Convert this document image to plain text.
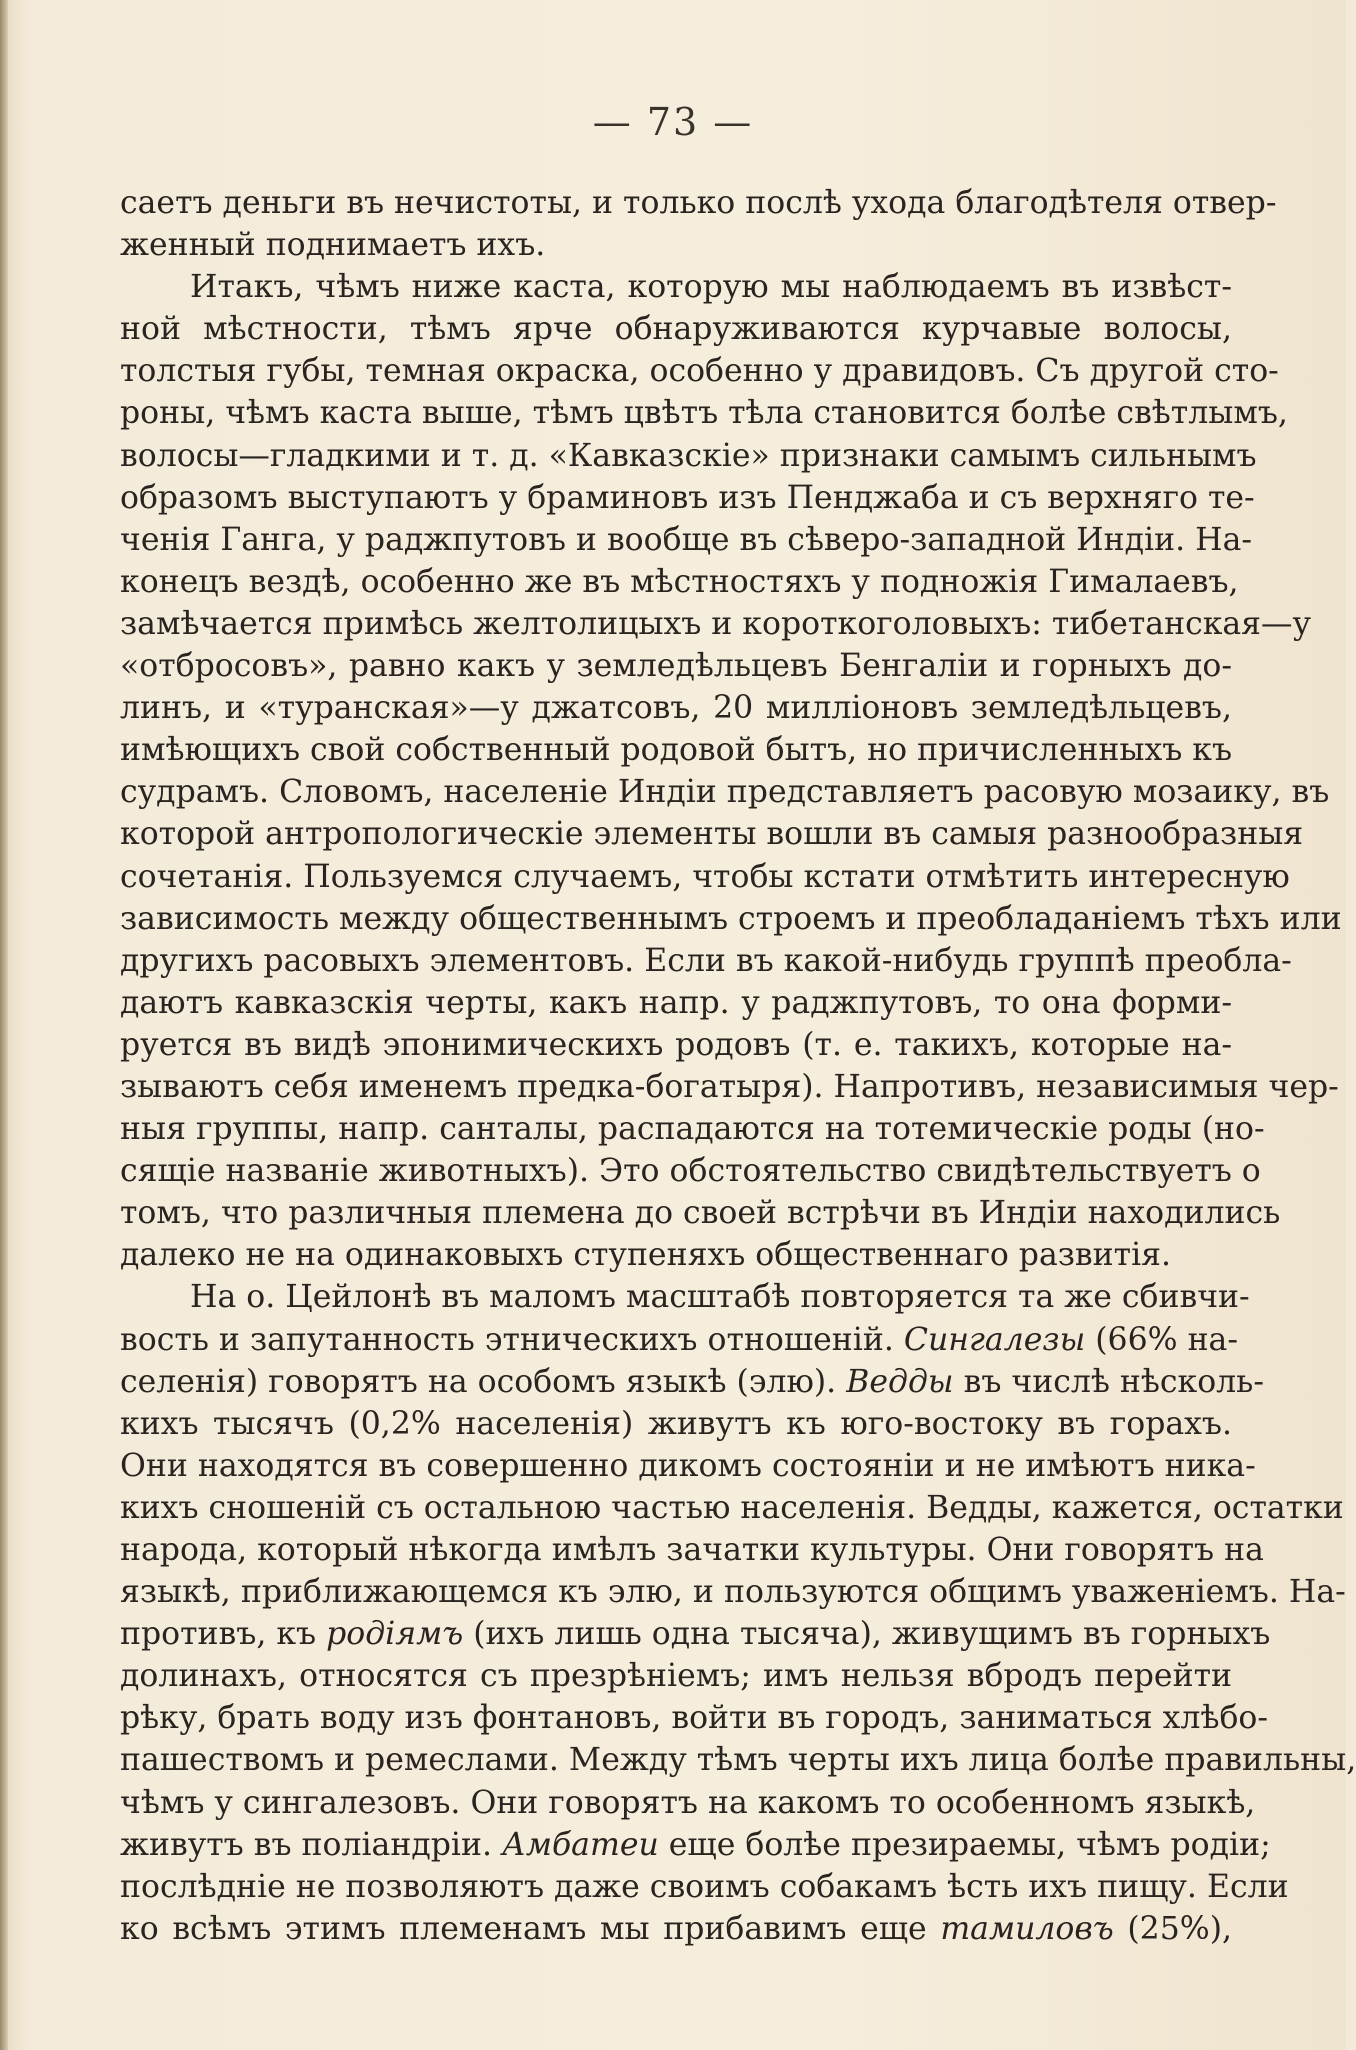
— 73 —
саетъ деньги въ нечистоты, и только послѣ ухода благодѣтеля отвер-
женный поднимаетъ ихъ.
Итакъ, чѣмъ ниже каста, которую мы наблюдаемъ въ извѣст-
ной мѣстности, тѣмъ ярче обнаруживаются курчавые волосы,
толстыя губы, темная окраска, особенно у дравидовъ. Съ другой сто-
роны, чѣмъ каста выше, тѣмъ цвѣтъ тѣла становится болѣе свѣтлымъ,
волосы—гладкими и т. д. «Кавказскіе» признаки самымъ сильнымъ
образомъ выступаютъ у браминовъ изъ Пенджаба и съ верхняго те-
ченія Ганга, у раджпутовъ и вообще въ сѣверо-западной Индіи. На-
конецъ вездѣ, особенно же въ мѣстностяхъ у подножія Гималаевъ,
замѣчается примѣсь желтолицыхъ и короткоголовыхъ: тибетанская—у
«отбросовъ», равно какъ у земледѣльцевъ Бенгаліи и горныхъ до-
линъ, и «туранская»—у джатсовъ, 20 милліоновъ земледѣльцевъ,
имѣющихъ свой собственный родовой бытъ, но причисленныхъ къ
судрамъ. Словомъ, населеніе Индіи представляетъ расовую мозаику, въ
которой антропологическіе элементы вошли въ самыя разнообразныя
сочетанія. Пользуемся случаемъ, чтобы кстати отмѣтить интересную
зависимость между общественнымъ строемъ и преобладаніемъ тѣхъ или
другихъ расовыхъ элементовъ. Если въ какой-нибудь группѣ преобла-
даютъ кавказскія черты, какъ напр. у раджпутовъ, то она форми-
руется въ видѣ эпонимическихъ родовъ (т. е. такихъ, которые на-
зываютъ себя именемъ предка-богатыря). Напротивъ, независимыя чер-
ныя группы, напр. санталы, распадаются на тотемическіе роды (но-
сящіе названіе животныхъ). Это обстоятельство свидѣтельствуетъ о
томъ, что различныя племена до своей встрѣчи въ Индіи находились
далеко не на одинаковыхъ ступеняхъ общественнаго развитія.
На о. Цейлонѣ въ маломъ масштабѣ повторяется та же сбивчи-
вость и запутанность этническихъ отношеній. Сингалезы (66% на-
селенія) говорятъ на особомъ языкѣ (элю). Ведды въ числѣ нѣсколь-
кихъ тысячъ (0,2% населенія) живутъ къ юго-востоку въ горахъ.
Они находятся въ совершенно дикомъ состояніи и не имѣютъ ника-
кихъ сношеній съ остальною частью населенія. Ведды, кажется, остатки
народа, который нѣкогда имѣлъ зачатки культуры. Они говорятъ на
языкѣ, приближающемся къ элю, и пользуются общимъ уваженіемъ. На-
противъ, къ родіямъ (ихъ лишь одна тысяча), живущимъ въ горныхъ
долинахъ, относятся съ презрѣніемъ; имъ нельзя вбродъ перейти
рѣку, брать воду изъ фонтановъ, войти въ городъ, заниматься хлѣбо-
пашествомъ и ремеслами. Между тѣмъ черты ихъ лица болѣе правильны,
чѣмъ у сингалезовъ. Они говорятъ на какомъ то особенномъ языкѣ,
живутъ въ поліандріи. Амбатеи еще болѣе презираемы, чѣмъ родіи;
послѣдніе не позволяютъ даже своимъ собакамъ ѣсть ихъ пищу. Если
ко всѣмъ этимъ племенамъ мы прибавимъ еще тамиловъ (25%),
